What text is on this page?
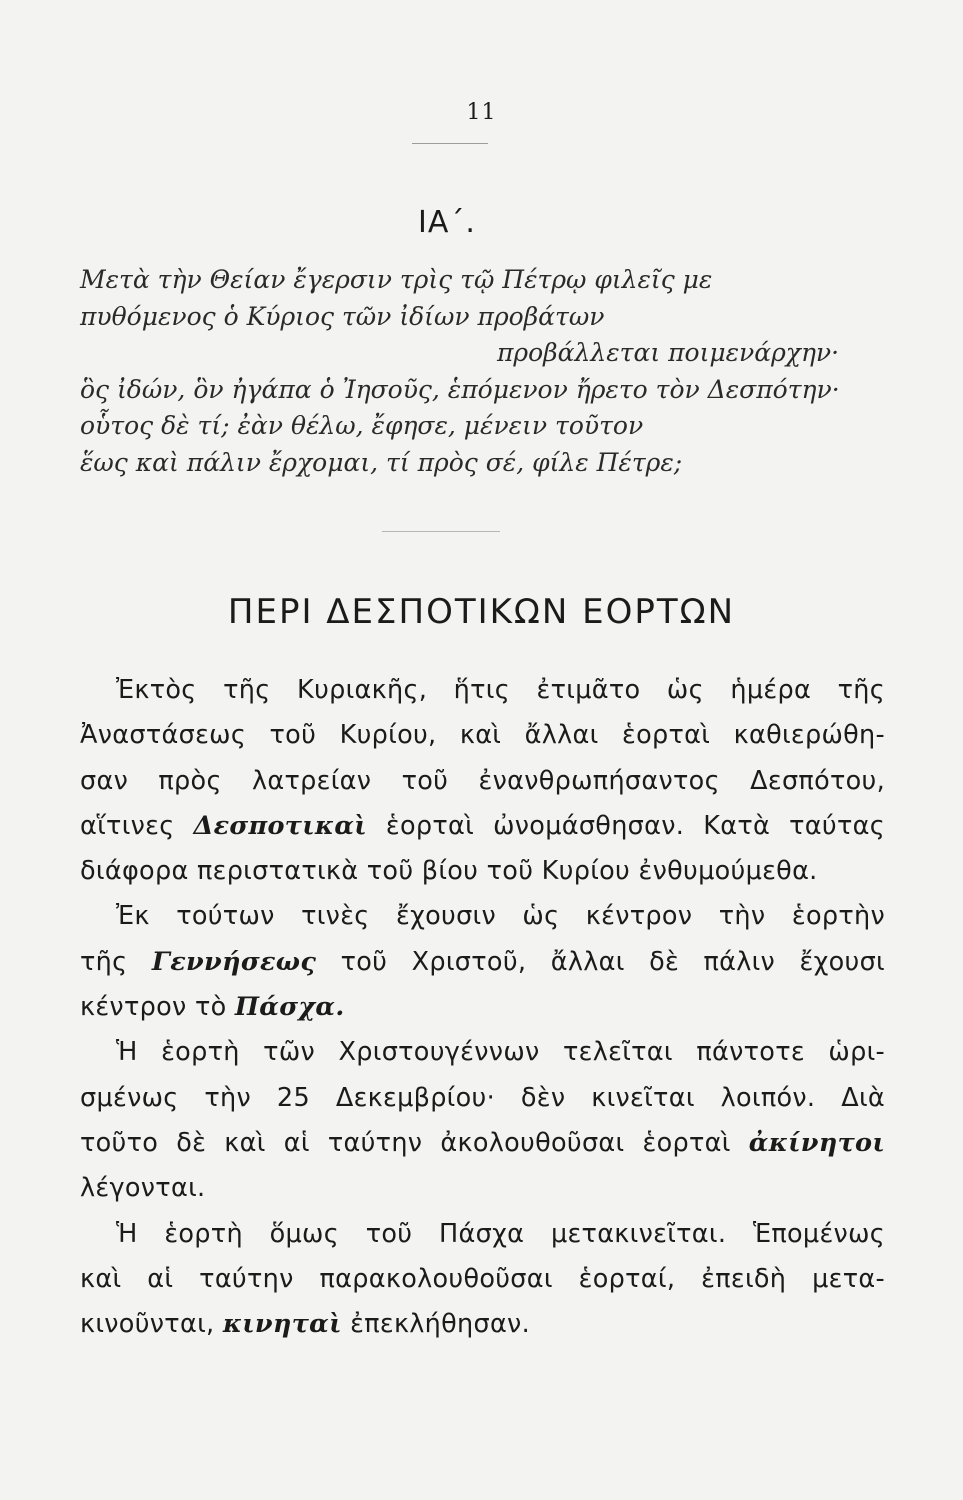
11
ΙΑ΄.
Μετὰ τὴν Θείαν ἔγερσιν τρὶς τῷ Πέτρῳ φιλεῖς με
πυθόμενος ὁ Κύριος τῶν ἰδίων προβάτων
προβάλλεται ποιμενάρχην·
ὃς ἰδών, ὃν ἠγάπα ὁ Ἰησοῦς, ἑπόμενον ἤρετο τὸν Δεσπότην·
οὗτος δὲ τί; ἐὰν θέλω, ἔφησε, μένειν τοῦτον
ἕως καὶ πάλιν ἔρχομαι, τί πρὸς σέ, φίλε Πέτρε;
ΠΕΡΙ ΔΕΣΠΟΤΙΚΩΝ ΕΟΡΤΩΝ
Ἐκτὸς τῆς Κυριακῆς, ἥτις ἐτιμᾶτο ὡς ἡμέρα τῆς
Ἀναστάσεως τοῦ Κυρίου, καὶ ἄλλαι ἑορταὶ καθιερώθη-
σαν πρὸς λατρείαν τοῦ ἐνανθρωπήσαντος Δεσπότου,
αἵτινες Δεσποτικαὶ ἑορταὶ ὠνομάσθησαν. Κατὰ ταύτας
διάφορα περιστατικὰ τοῦ βίου τοῦ Κυρίου ἐνθυμούμεθα.
Ἐκ τούτων τινὲς ἔχουσιν ὡς κέντρον τὴν ἑορτὴν
τῆς Γεννήσεως τοῦ Χριστοῦ, ἄλλαι δὲ πάλιν ἔχουσι
κέντρον τὸ Πάσχα.
Ἡ ἑορτὴ τῶν Χριστουγέννων τελεῖται πάντοτε ὡρι-
σμένως τὴν 25 Δεκεμβρίου· δὲν κινεῖται λοιπόν. Διὰ
τοῦτο δὲ καὶ αἱ ταύτην ἀκολουθοῦσαι ἑορταὶ ἀκίνητοι
λέγονται.
Ἡ ἑορτὴ ὅμως τοῦ Πάσχα μετακινεῖται. Ἑπομένως
καὶ αἱ ταύτην παρακολουθοῦσαι ἑορταί, ἐπειδὴ μετα-
κινοῦνται, κινηταὶ ἐπεκλήθησαν.
